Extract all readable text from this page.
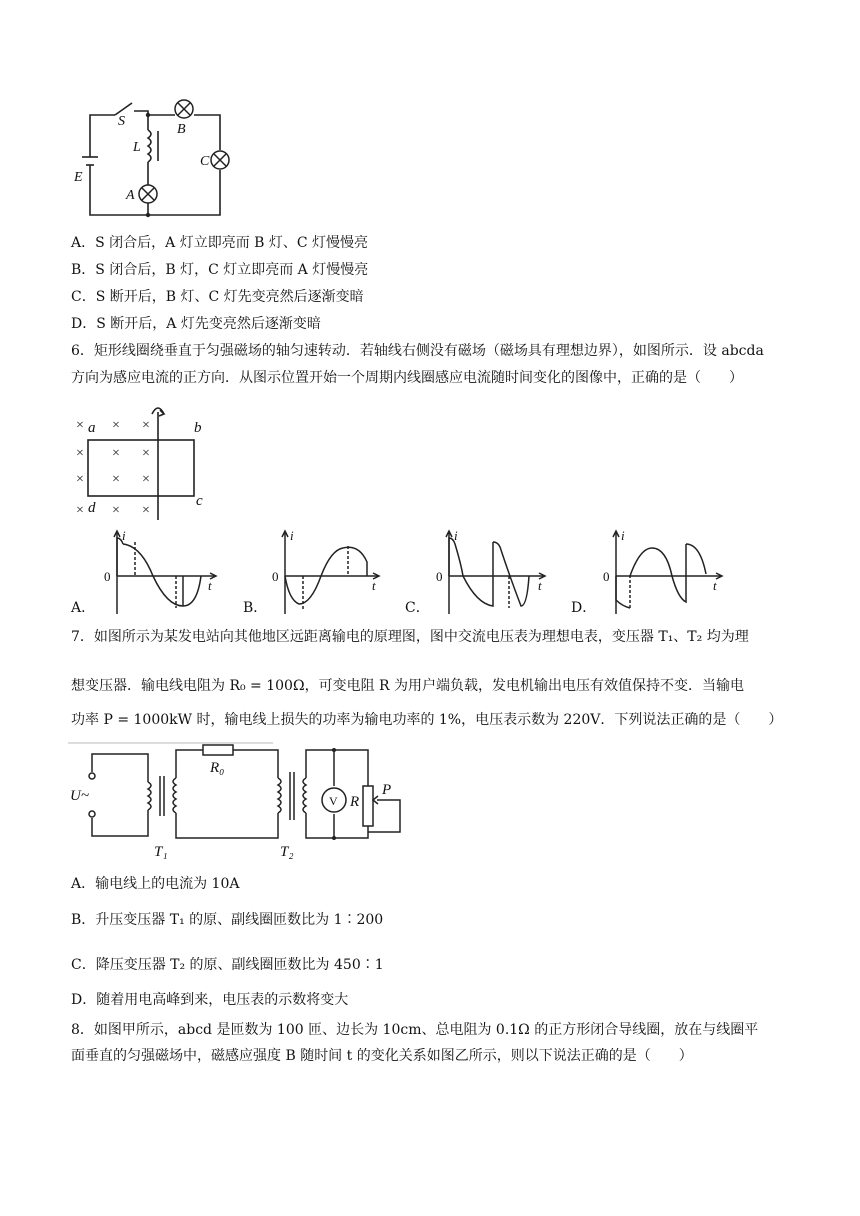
S
L
B
C
E
A
A．S 闭合后，A 灯立即亮而 B 灯、C 灯慢慢亮
B．S 闭合后，B 灯，C 灯立即亮而 A 灯慢慢亮
C．S 断开后，B 灯、C 灯先变亮然后逐渐变暗
D．S 断开后，A 灯先变亮然后逐渐变暗
6．矩形线圈绕垂直于匀强磁场的轴匀速转动．若轴线右侧没有磁场（磁场具有理想边界），如图所示．设 abcda
方向为感应电流的正方向．从图示位置开始一个周期内线圈感应电流随时间变化的图像中，正确的是（　　）
× × ×
× × ×
× × ×
× × ×
a	b
c
d
A．	B．	C．	D．
i
0
t
i
0
t
i
0
t
i
0
t
7．如图所示为某发电站向其他地区远距离输电的原理图，图中交流电压表为理想电表，变压器 T₁、T₂ 均为理
想变压器．输电线电阻为 R₀ = 100Ω，可变电阻 R 为用户端负载，发电机输出电压有效值保持不变．当输电
功率 P = 1000kW 时，输电线上损失的功率为输电功率的 1%，电压表示数为 220V．下列说法正确的是（　　）
U~
R₀
T₁	T₂
R
P
V
A．输电线上的电流为 10A
B．升压变压器 T₁ 的原、副线圈匝数比为 1∶200
C．降压变压器 T₂ 的原、副线圈匝数比为 450∶1
D．随着用电高峰到来，电压表的示数将变大
8．如图甲所示，abcd 是匝数为 100 匝、边长为 10cm、总电阻为 0.1Ω 的正方形闭合导线圈，放在与线圈平
面垂直的匀强磁场中，磁感应强度 B 随时间 t 的变化关系如图乙所示，则以下说法正确的是（　　）
